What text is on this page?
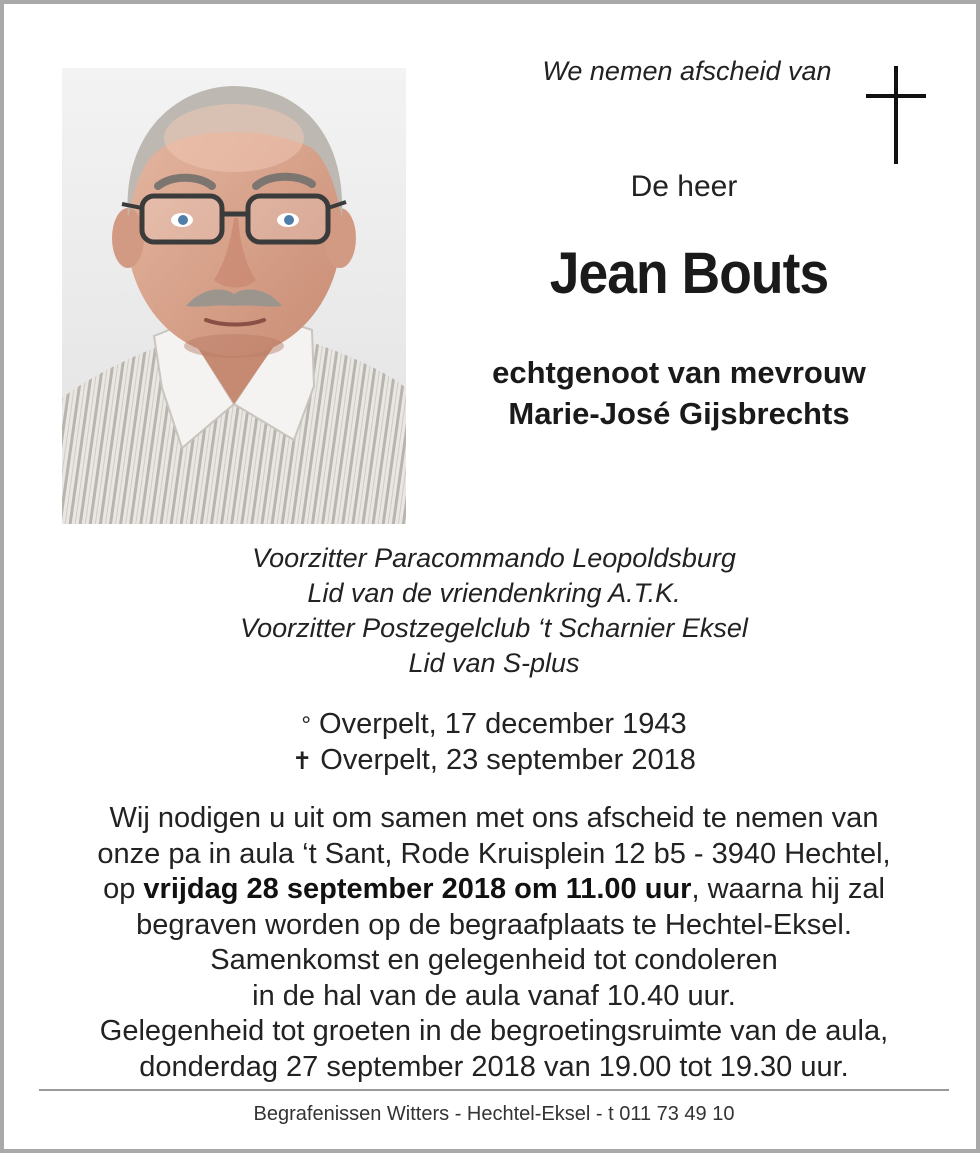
We nemen afscheid van
De heer
Jean Bouts
echtgenoot van mevrouw
Marie-José Gijsbrechts
Voorzitter Paracommando Leopoldsburg
Lid van de vriendenkring A.T.K.
Voorzitter Postzegelclub ‘t Scharnier Eksel
Lid van S-plus
° Overpelt, 17 december 1943
✝ Overpelt, 23 september 2018
Wij nodigen u uit om samen met ons afscheid te nemen van
onze pa in aula ‘t Sant, Rode Kruisplein 12 b5 - 3940 Hechtel,
op vrijdag 28 september 2018 om 11.00 uur, waarna hij zal
begraven worden op de begraafplaats te Hechtel-Eksel.
Samenkomst en gelegenheid tot condoleren
in de hal van de aula vanaf 10.40 uur.
Gelegenheid tot groeten in de begroetingsruimte van de aula,
donderdag 27 september 2018 van 19.00 tot 19.30 uur.
Begrafenissen Witters - Hechtel-Eksel - t 011 73 49 10
